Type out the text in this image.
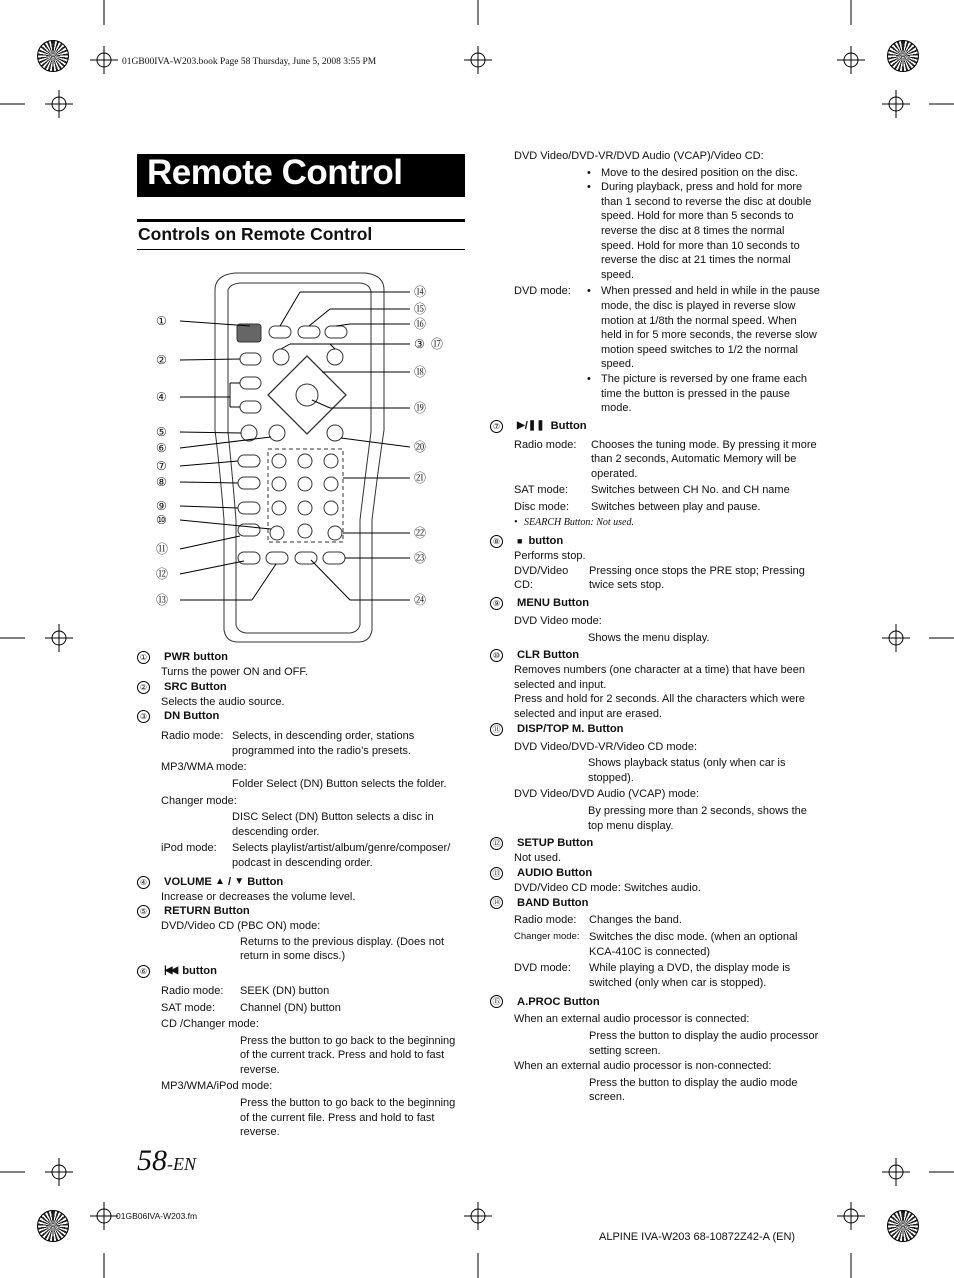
01GB00IVA-W203.book Page 58 Thursday, June 5, 2008 3:55 PM
Remote Control
Controls on Remote Control
①
②
④
⑤
⑥
⑦
⑧
⑨
⑩
⑪
⑫
⑬
⑭
⑮
⑯
③ ⑰
⑱
⑲
⑳
㉑
㉒
㉓
㉔
① PWR button
Turns the power ON and OFF.
② SRC Button
Selects the audio source.
③ DN Button
Radio mode: Selects, in descending order, stations programmed into the radio’s presets.
MP3/WMA mode:
Folder Select (DN) Button selects the folder.
Changer mode:
DISC Select (DN) Button selects a disc in descending order.
iPod mode:	Selects playlist/artist/album/genre/composer/ podcast in descending order.
④ VOLUME
▲
/
▼
Button
Increase or decreases the volume level.
⑤ RETURN Button
DVD/Video CD (PBC ON) mode:
Returns to the previous display. (Does not return in some discs.)
⑥ |◀◀ button
Radio mode:	SEEK (DN) button
SAT mode:	Channel (DN) button
CD /Changer mode:
Press the button to go back to the beginning of the current track. Press and hold to fast reverse.
MP3/WMA/iPod mode:
Press the button to go back to the beginning of the current file. Press and hold to fast reverse.
DVD Video/DVD-VR/DVD Audio (VCAP)/Video CD:
• Move to the desired position on the disc.
• During playback, press and hold for more than 1 second to reverse the disc at double speed. Hold for more than 5 seconds to reverse the disc at 8 times the normal speed. Hold for more than 10 seconds to reverse the disc at 21 times the normal speed.
DVD mode:	• When pressed and held in while in the pause mode, the disc is played in reverse slow motion at 1/8th the normal speed. When held in for 5 more seconds, the reverse slow motion speed switches to 1/2 the normal speed.
• The picture is reversed by one frame each time the button is pressed in the pause mode.
⑦ ▶ / ❚❚ Button
Radio mode:	Chooses the tuning mode. By pressing it more than 2 seconds, Automatic Memory will be operated.
SAT mode:	Switches between CH No. and CH name
Disc mode:	Switches between play and pause.
• SEARCH Button: Not used.
⑧	■ button
Performs stop.
DVD/Video CD:
Pressing once stops the PRE stop; Pressing twice sets stop.
⑨ MENU Button
DVD Video mode:
Shows the menu display.
⑩ CLR Button
Removes numbers (one character at a time) that have been selected and input.
Press and hold for 2 seconds. All the characters which were selected and input are erased.
⑪ DISP/TOP M. Button
DVD Video/DVD-VR/Video CD mode:
Shows playback status (only when car is stopped).
DVD Video/DVD Audio (VCAP) mode:
By pressing more than 2 seconds, shows the top menu display.
⑫ SETUP Button
Not used.
⑬ AUDIO Button
DVD/Video CD mode: Switches audio.
⑭ BAND Button
Radio mode:	Changes the band.
Changer mode: Switches the disc mode. (when an optional KCA-410C is connected)
DVD mode:	While playing a DVD, the display mode is switched (only when car is stopped).
⑮ A.PROC Button
When an external audio processor is connected:
Press the button to display the audio processor setting screen.
When an external audio processor is non-connected:
Press the button to display the audio mode screen.
58-EN
01GB06IVA-W203.fm
ALPINE IVA-W203 68-10872Z42-A (EN)
